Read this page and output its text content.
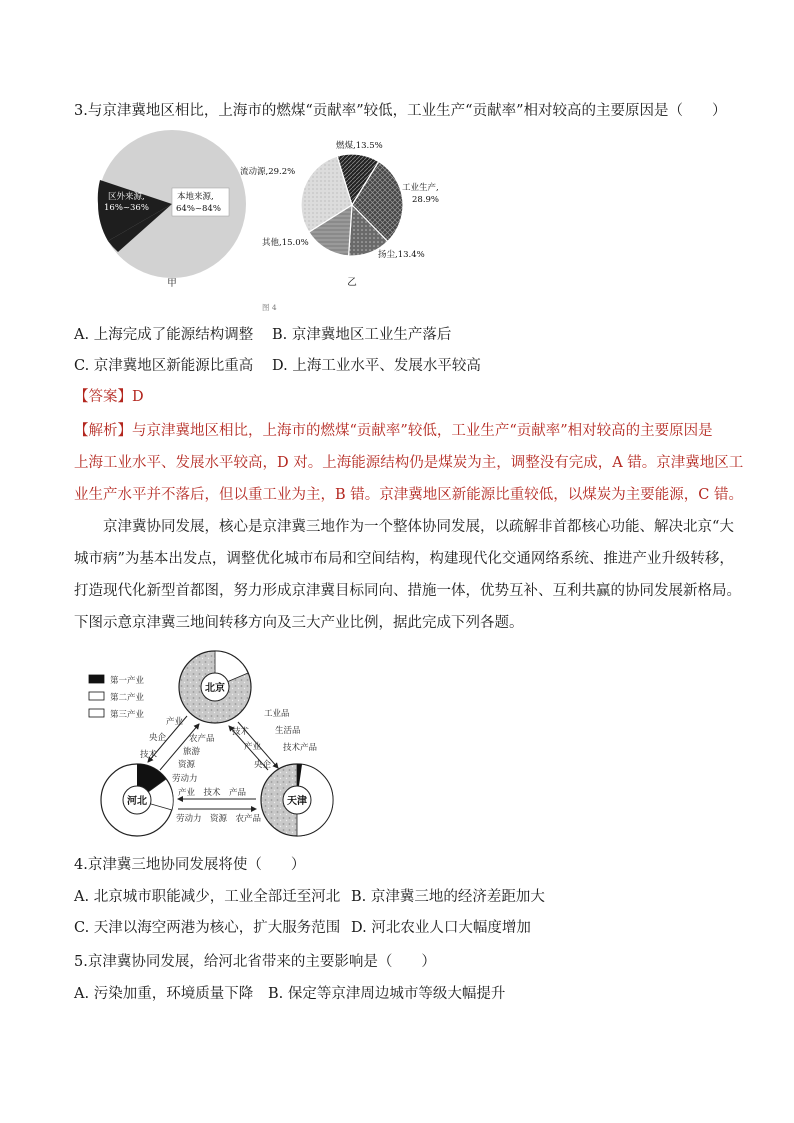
3.与京津冀地区相比，上海市的燃煤“贡献率”较低，工业生产“贡献率”相对较高的主要原因是（　　）
区外来源,
16%~36%
本地来源,
64%~84%
甲
燃煤,13.5%
工业生产,
28.9%
扬尘,13.4%
其他,15.0%
流动源,29.2%
乙
图 4
A. 上海完成了能源结构调整 B. 京津冀地区工业生产落后
C. 京津冀地区新能源比重高 D. 上海工业水平、发展水平较高
【答案】D
【解析】与京津冀地区相比，上海市的燃煤“贡献率”较低，工业生产“贡献率”相对较高的主要原因是
上海工业水平、发展水平较高，D 对。上海能源结构仍是煤炭为主，调整没有完成，A 错。京津冀地区工
业生产水平并不落后，但以重工业为主，B 错。京津冀地区新能源比重较低，以煤炭为主要能源，C 错。
　　京津冀协同发展，核心是京津冀三地作为一个整体协同发展，以疏解非首都核心功能、解决北京“大
城市病”为基本出发点，调整优化城市布局和空间结构，构建现代化交通网络系统、推进产业升级转移，
打造现代化新型首都图，努力形成京津冀目标同向、措施一体，优势互补、互利共赢的协同发展新格局。
下图示意京津冀三地间转移方向及三大产业比例，据此完成下列各题。
第一产业
第二产业
第三产业
北京
河北	天津
产业
央企
技术
农产品
旅游
资源
劳动力
工业品
生活品
技术产品
技术
产业
央企
产业　技术　产品
劳动力　资源　农产品
4.京津冀三地协同发展将使（　　）
A. 北京城市职能减少，工业全部迁至河北 B. 京津冀三地的经济差距加大
C. 天津以海空两港为核心，扩大服务范围 D. 河北农业人口大幅度增加
5.京津冀协同发展，给河北省带来的主要影响是（　　）
A. 污染加重，环境质量下降 B. 保定等京津周边城市等级大幅提升
